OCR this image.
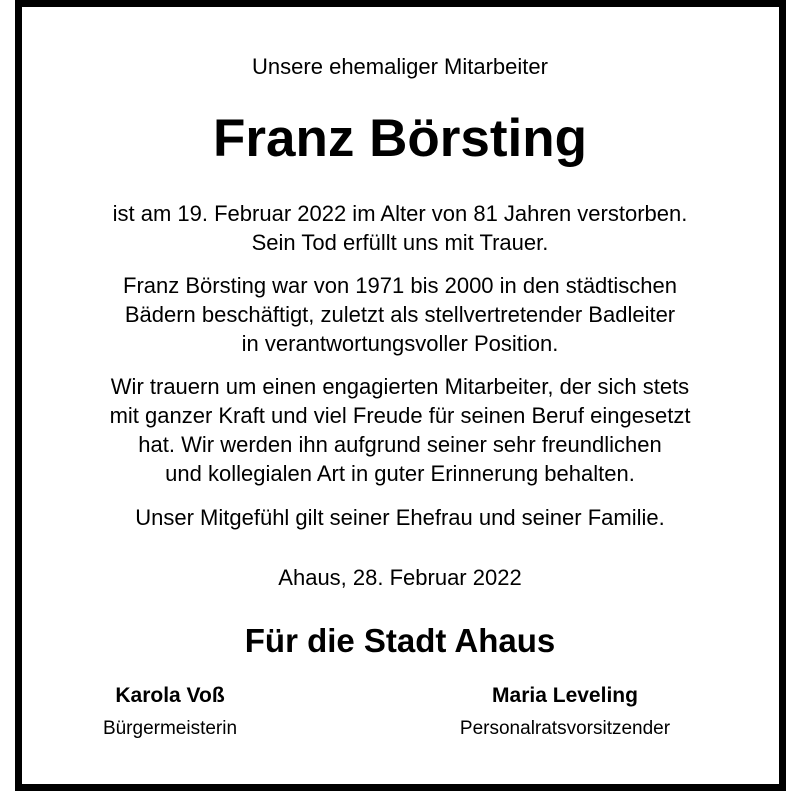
Unsere ehemaliger Mitarbeiter
Franz Börsting
ist am 19. Februar 2022 im Alter von 81 Jahren verstorben.
Sein Tod erfüllt uns mit Trauer.
Franz Börsting war von 1971 bis 2000 in den städtischen
Bädern beschäftigt, zuletzt als stellvertretender Badleiter
in verantwortungsvoller Position.
Wir trauern um einen engagierten Mitarbeiter, der sich stets
mit ganzer Kraft und viel Freude für seinen Beruf eingesetzt
hat. Wir werden ihn aufgrund seiner sehr freundlichen
und kollegialen Art in guter Erinnerung behalten.
Unser Mitgefühl gilt seiner Ehefrau und seiner Familie.
Ahaus, 28. Februar 2022
Für die Stadt Ahaus
Karola Voß
Bürgermeisterin
Maria Leveling
Personalratsvorsitzender
